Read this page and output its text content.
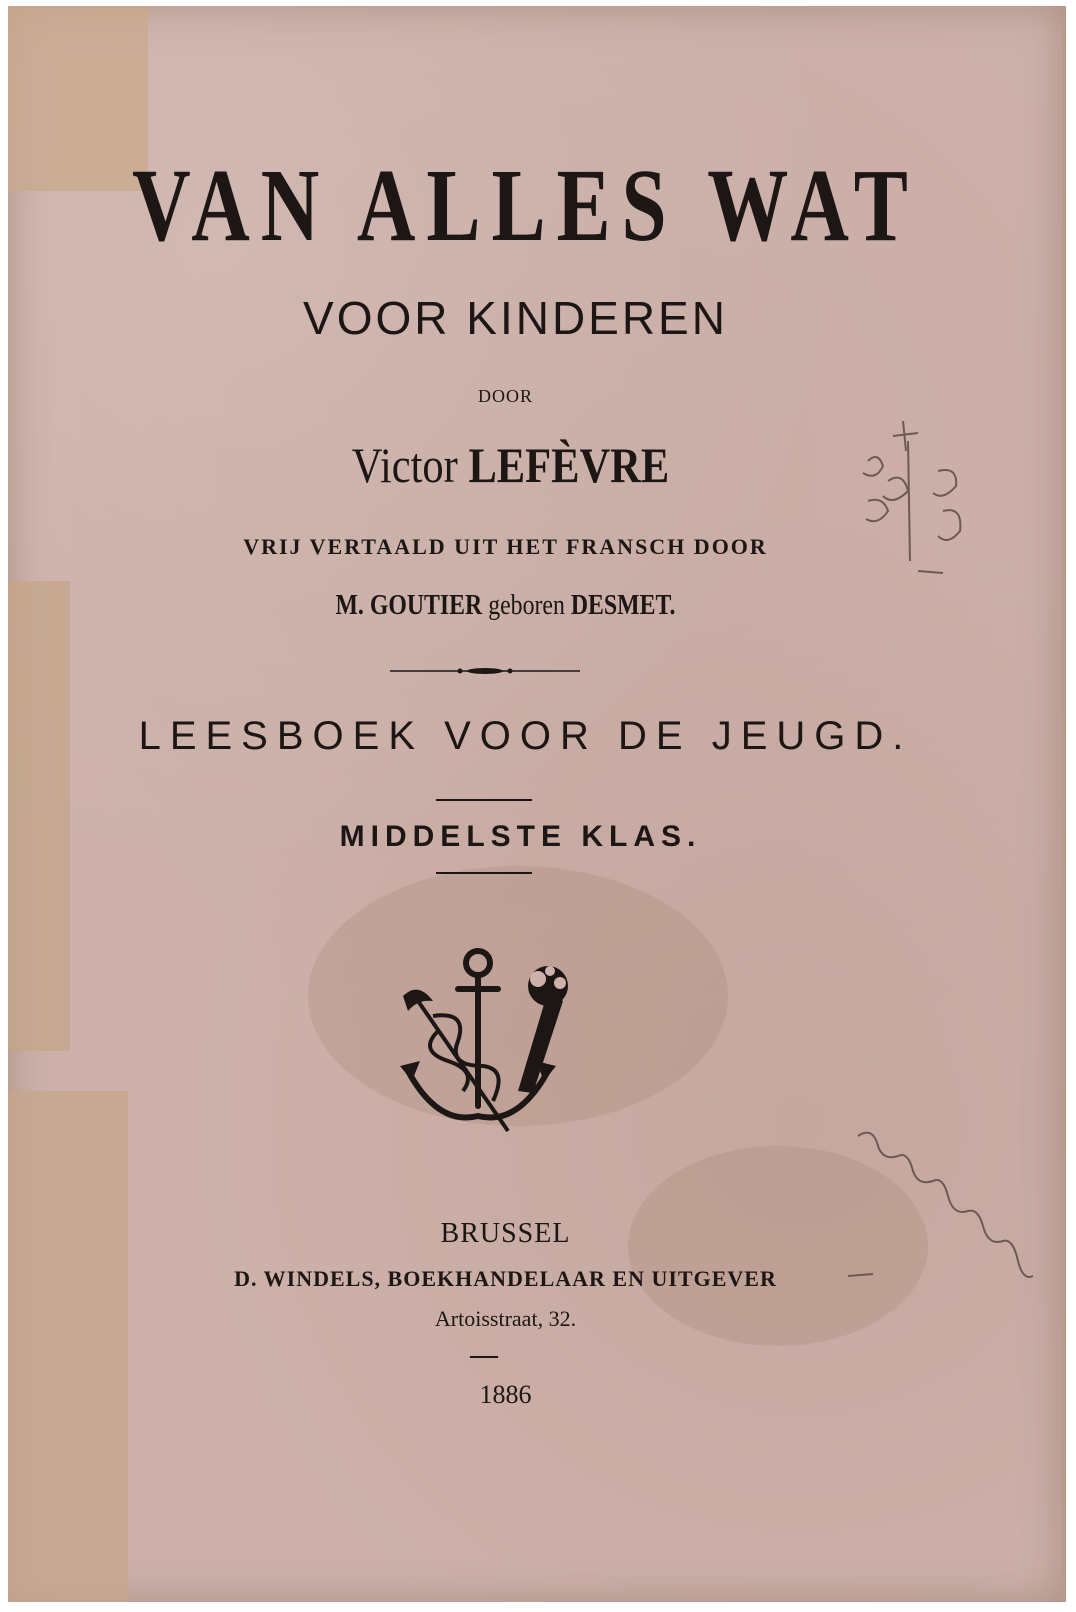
VAN ALLES WAT
VOOR KINDEREN
DOOR
Victor LEFÈVRE
VRIJ VERTAALD UIT HET FRANSCH DOOR
M. GOUTIER geboren DESMET.
LEESBOEK VOOR DE JEUGD.
MIDDELSTE KLAS.
BRUSSEL
D. WINDELS, BOEKHANDELAAR EN UITGEVER
Artoisstraat, 32.
1886
